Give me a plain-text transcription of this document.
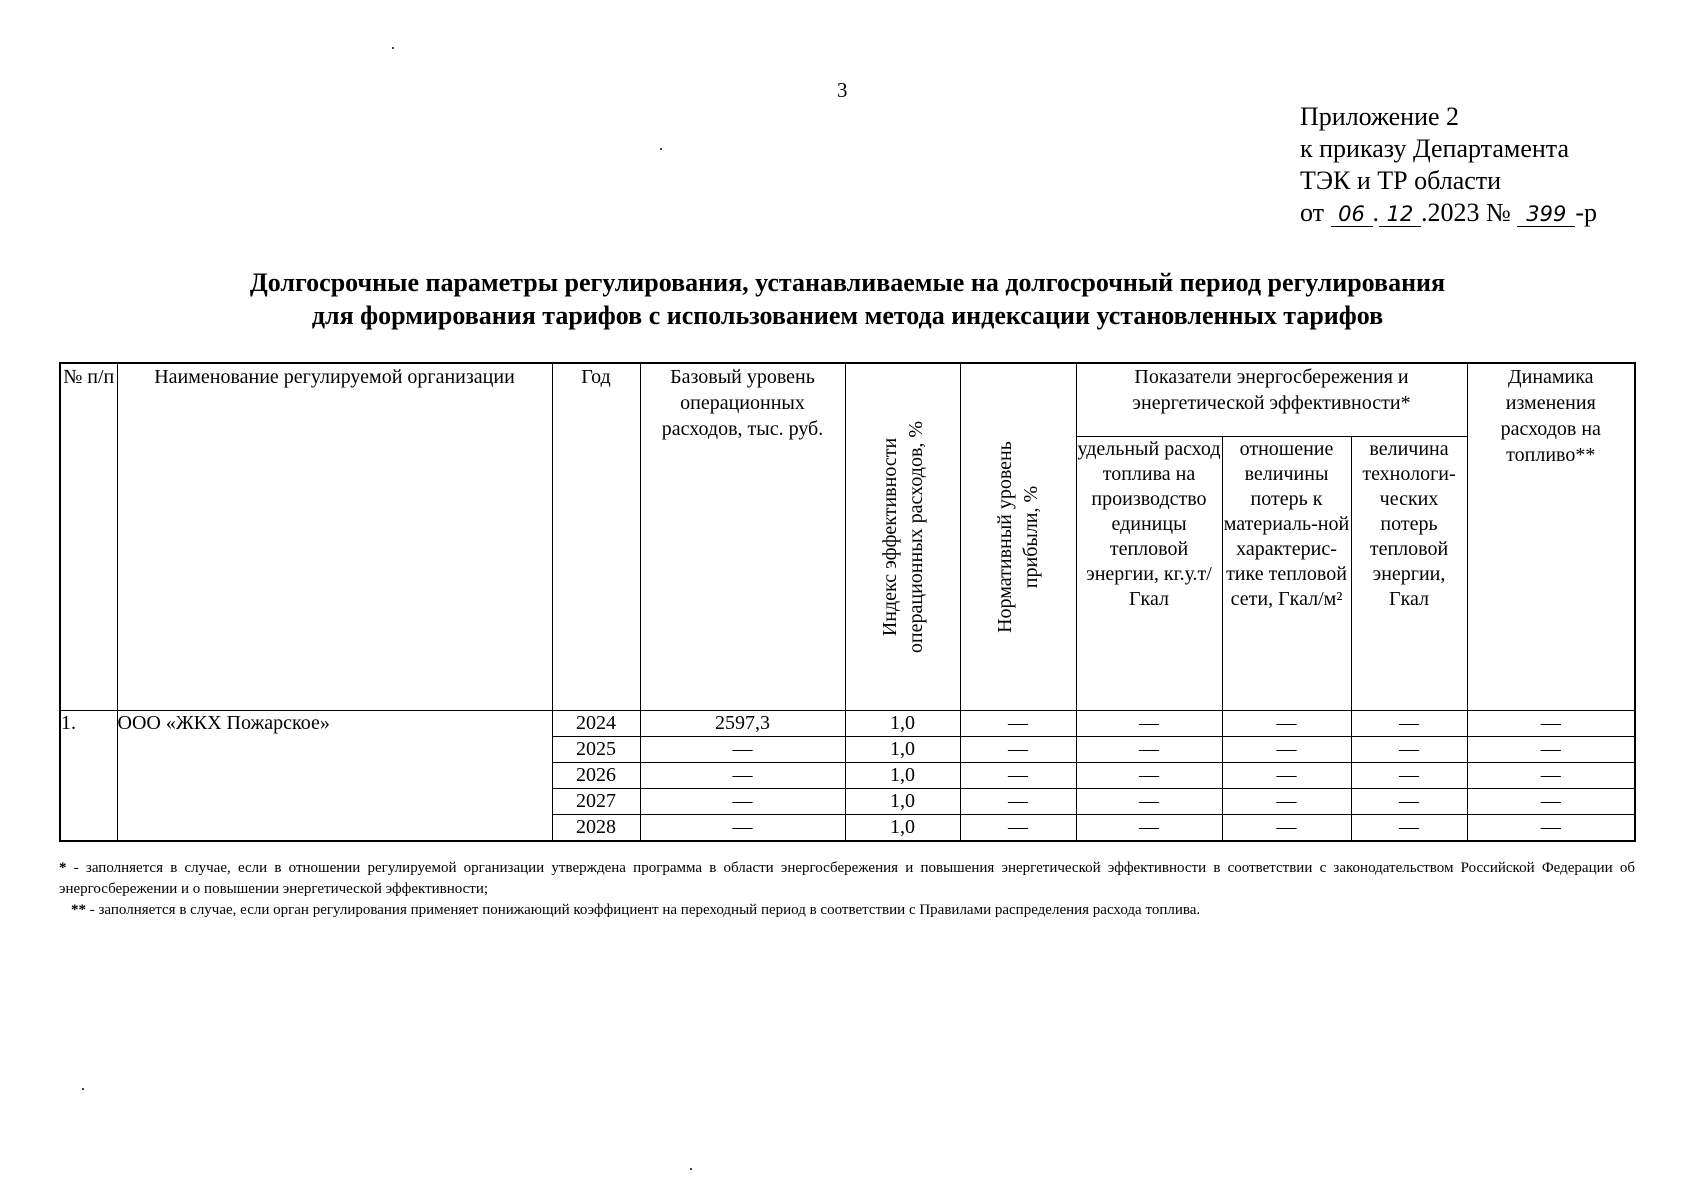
3
Приложение 2
к приказу Департамента
ТЭК и ТР области
от 06 . 12 .2023 № 399 -р
Долгосрочные параметры регулирования, устанавливаемые на долгосрочный период регулирования
для формирования тарифов с использованием метода индексации установленных тарифов
№ п/п	Наименование регулируемой организации	Год	Базовый уровень операционных расходов, тыс. руб.	Индекс эффективности операционных расходов, %	Нормативный уровень прибыли, %	Показатели энергосбережения и энергетической эффективности*			Динамика изменения расходов на топливо**
						удельный расход топлива на производство единицы тепловой энергии, кг.у.т/Гкал	отношение величины потерь к материаль-ной характерис-тике тепловой сети, Гкал/м²	величина технологи-ческих потерь тепловой энергии, Гкал	
1.	ООО «ЖКХ Пожарское»	2024	2597,3	1,0	—	—	—	—	—
		2025	—	1,0	—	—	—	—	—
		2026	—	1,0	—	—	—	—	—
		2027	—	1,0	—	—	—	—	—
		2028	—	1,0	—	—	—	—	—
* - заполняется в случае, если в отношении регулируемой организации утверждена программа в области энергосбережения и повышения энергетической эффективности в соответствии с законодательством Российской Федерации об энергосбережении и о повышении энергетической эффективности;
** - заполняется в случае, если орган регулирования применяет понижающий коэффициент на переходный период в соответствии с Правилами распределения расхода топлива.
